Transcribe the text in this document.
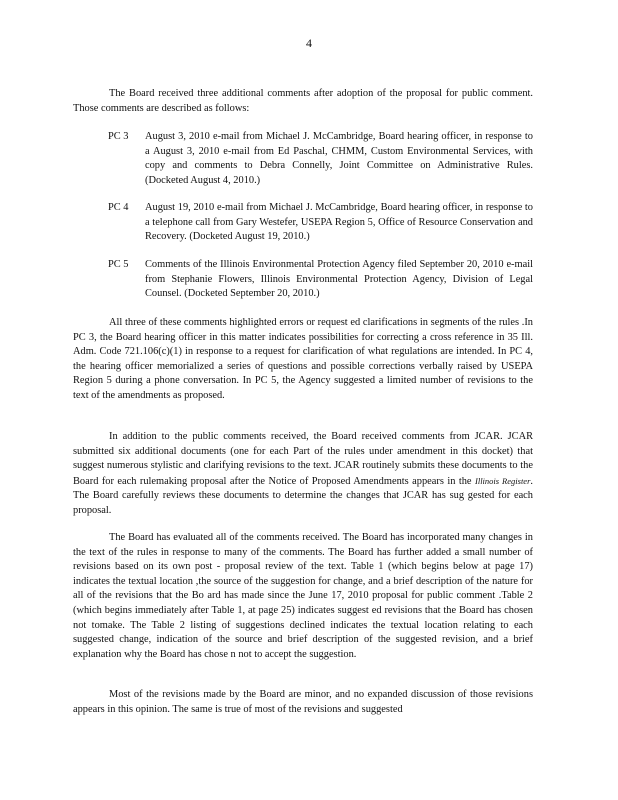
4

The Board received three additional comments after adoption of the proposal for public comment. Those comments are described as follows:

PC 3 August 3, 2010 e-mail from Michael J. McCambridge, Board hearing officer, in response to a August 3, 2010 e-mail from Ed Paschal, CHMM, Custom Environmental Services, with copy and comments to Debra Connelly, Joint Committee on Administrative Rules. (Docketed August 4, 2010.)
PC 4 August 19, 2010 e-mail from Michael J. McCambridge, Board hearing officer, in response to a telephone call from Gary Westefer, USEPA Region 5, Office of Resource Conservation and Recovery. (Docketed August 19, 2010.)
PC 5 Comments of the Illinois Environmental Protection Agency filed September 20, 2010 e-mail from Stephanie Flowers, Illinois Environmental Protection Agency, Division of Legal Counsel. (Docketed September 20, 2010.)

All three of these comments highlighted errors or request ed clarifications in segments of the rules .In PC 3, the Board hearing officer in this matter indicates possibilities for correcting a cross reference in 35 Ill. Adm. Code 721.106(c)(1) in response to a request for clarification of what regulations are intended. In PC 4, the hearing officer memorialized a series of questions and possible corrections verbally raised by USEPA Region 5 during a phone conversation. In PC 5, the Agency suggested a limited number of revisions to the text of the amendments as proposed.

In addition to the public comments received, the Board received comments from JCAR. JCAR submitted six additional documents (one for each Part of the rules under amendment in this docket) that suggest numerous stylistic and clarifying revisions to the text. JCAR routinely submits these documents to the Board for each rulemaking proposal after the Notice of Proposed Amendments appears in the Illinois Register. The Board carefully reviews these documents to determine the changes that JCAR has sug gested for each proposal.

The Board has evaluated all of the comments received. The Board has incorporated many changes in the text of the rules in response to many of the comments. The Board has further added a small number of revisions based on its own post - proposal review of the text. Table 1 (which begins below at page 17) indicates the textual location ,the source of the suggestion for change, and a brief description of the nature for all of the revisions that the Bo ard has made since the June 17, 2010 proposal for public comment .Table 2 (which begins immediately after Table 1, at page 25) indicates suggest ed revisions that the Board has chosen not tomake. The Table 2 listing of suggestions declined indicates the textual location relating to each suggested change, indication of the source and brief description of the suggested revision, and a brief explanation why the Board has chose n not to accept the suggestion.

Most of the revisions made by the Board are minor, and no expanded discussion of those revisions appears in this opinion. The same is true of most of the revisions and suggested
